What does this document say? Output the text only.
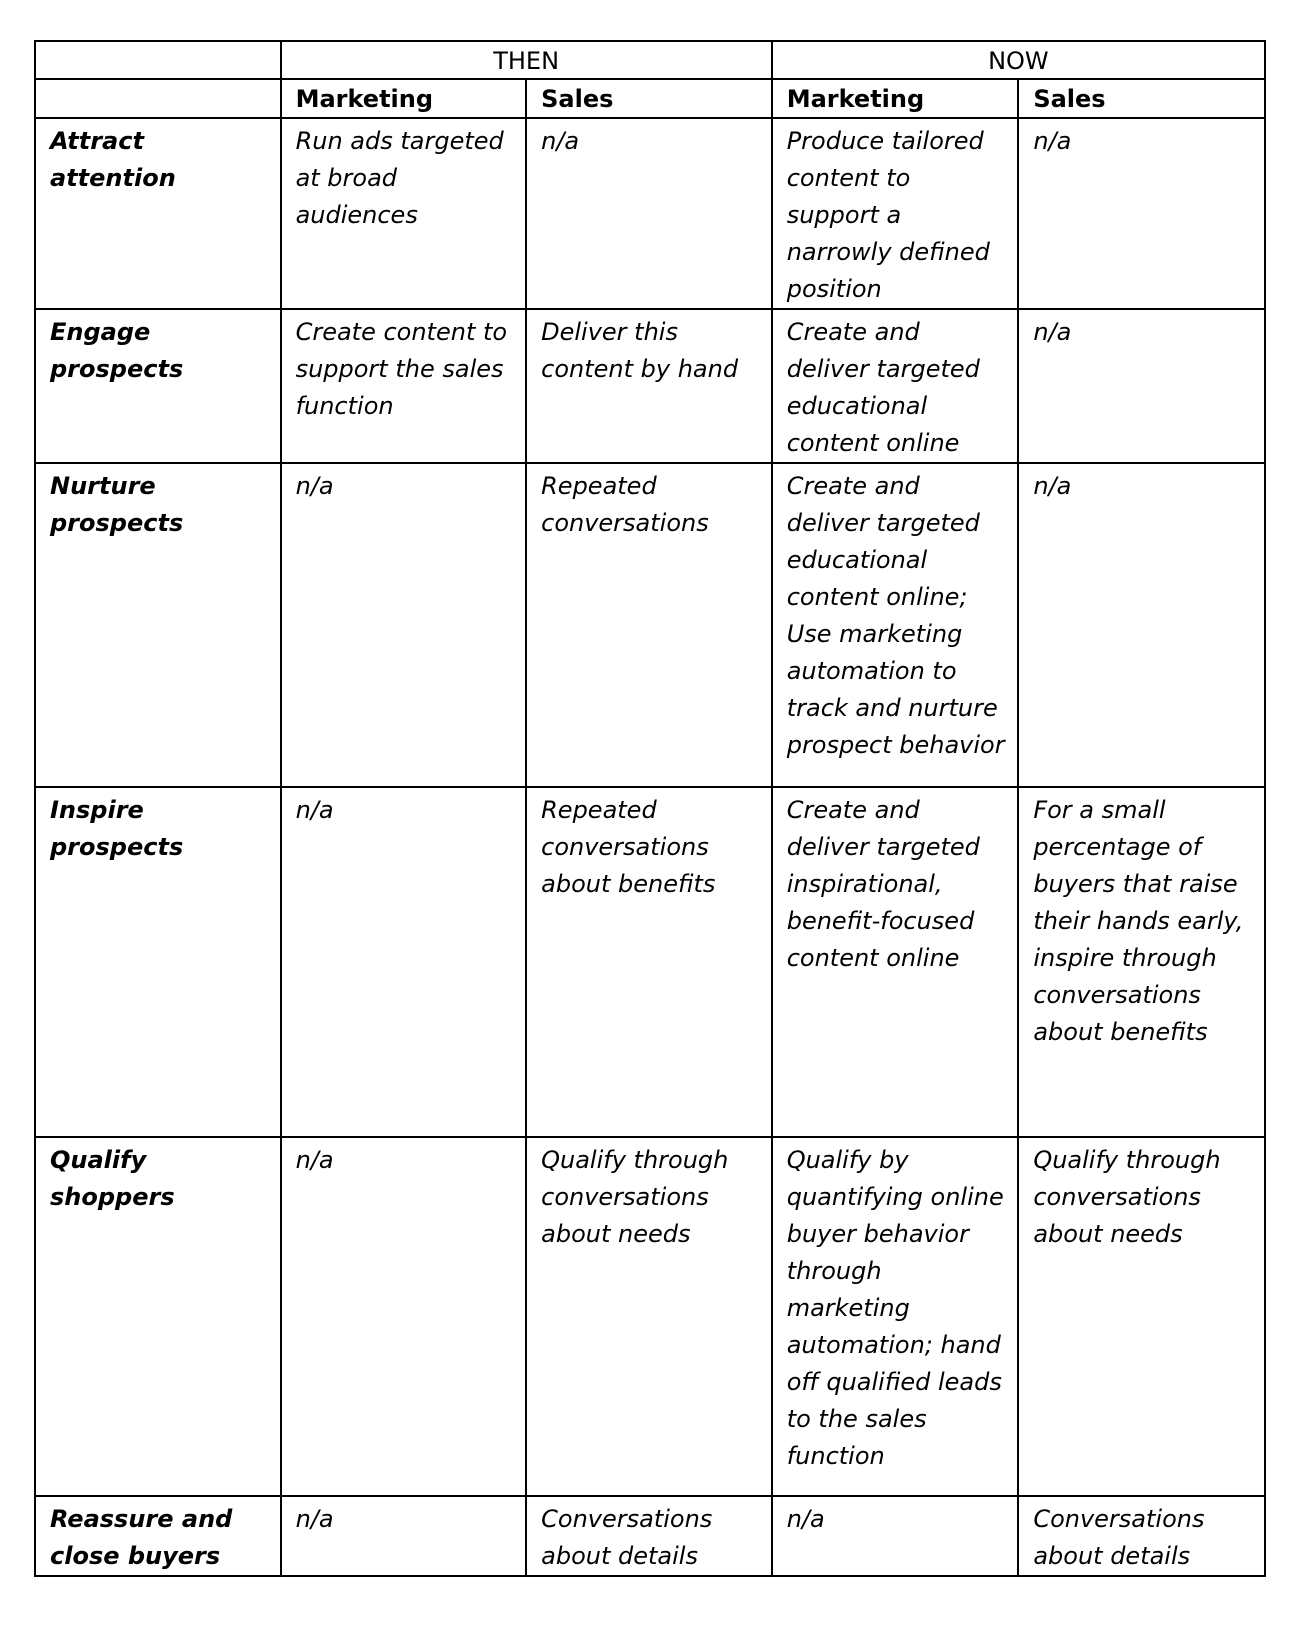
	THEN		NOW	
	Marketing	Sales	Marketing	Sales
Attract attention	Run ads targeted at broad audiences	n/a	Produce tailored content to support a narrowly defined position	n/a
Engage prospects	Create content to support the sales function	Deliver this content by hand	Create and deliver targeted educational content online	n/a
Nurture prospects	n/a	Repeated conversations	Create and deliver targeted educational content online; Use marketing automation to track and nurture prospect behavior	n/a
Inspire prospects	n/a	Repeated conversations about benefits	Create and deliver targeted inspirational, benefit-focused content online	For a small percentage of buyers that raise their hands early, inspire through conversations about benefits
Qualify shoppers	n/a	Qualify through conversations about needs	Qualify by quantifying online buyer behavior through marketing automation; hand off qualified leads to the sales function	Qualify through conversations about needs
Reassure and close buyers	n/a	Conversations about details	n/a	Conversations about details
